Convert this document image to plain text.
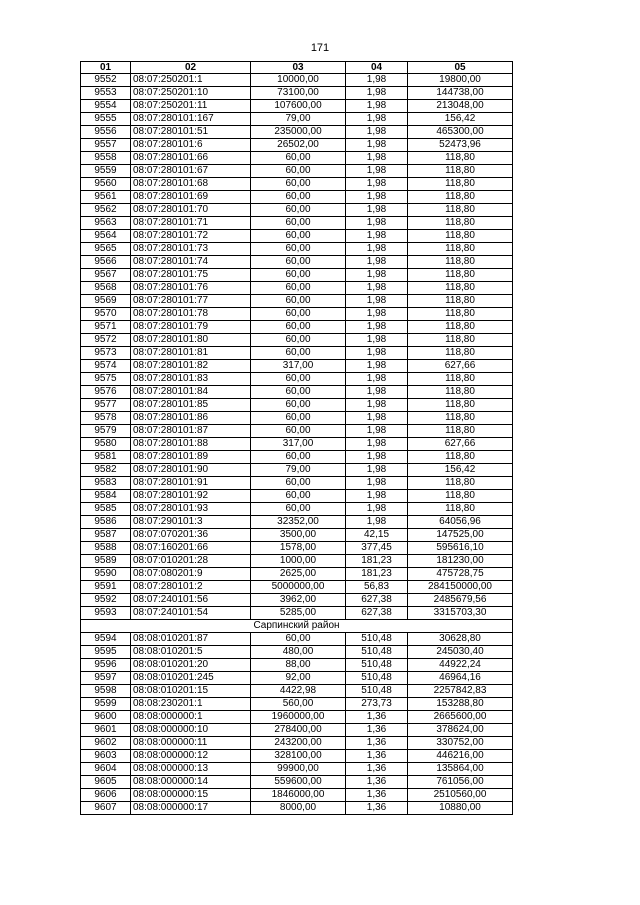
171
01	02	03	04	05
9552	08:07:250201:1	10000,00	1,98	19800,00
9553	08:07:250201:10	73100,00	1,98	144738,00
9554	08:07:250201:11	107600,00	1,98	213048,00
9555	08:07:280101:167	79,00	1,98	156,42
9556	08:07:280101:51	235000,00	1,98	465300,00
9557	08:07:280101:6	26502,00	1,98	52473,96
9558	08:07:280101:66	60,00	1,98	118,80
9559	08:07:280101:67	60,00	1,98	118,80
9560	08:07:280101:68	60,00	1,98	118,80
9561	08:07:280101:69	60,00	1,98	118,80
9562	08:07:280101:70	60,00	1,98	118,80
9563	08:07:280101:71	60,00	1,98	118,80
9564	08:07:280101:72	60,00	1,98	118,80
9565	08:07:280101:73	60,00	1,98	118,80
9566	08:07:280101:74	60,00	1,98	118,80
9567	08:07:280101:75	60,00	1,98	118,80
9568	08:07:280101:76	60,00	1,98	118,80
9569	08:07:280101:77	60,00	1,98	118,80
9570	08:07:280101:78	60,00	1,98	118,80
9571	08:07:280101:79	60,00	1,98	118,80
9572	08:07:280101:80	60,00	1,98	118,80
9573	08:07:280101:81	60,00	1,98	118,80
9574	08:07:280101:82	317,00	1,98	627,66
9575	08:07:280101:83	60,00	1,98	118,80
9576	08:07:280101:84	60,00	1,98	118,80
9577	08:07:280101:85	60,00	1,98	118,80
9578	08:07:280101:86	60,00	1,98	118,80
9579	08:07:280101:87	60,00	1,98	118,80
9580	08:07:280101:88	317,00	1,98	627,66
9581	08:07:280101:89	60,00	1,98	118,80
9582	08:07:280101:90	79,00	1,98	156,42
9583	08:07:280101:91	60,00	1,98	118,80
9584	08:07:280101:92	60,00	1,98	118,80
9585	08:07:280101:93	60,00	1,98	118,80
9586	08:07:290101:3	32352,00	1,98	64056,96
9587	08:07:070201:36	3500,00	42,15	147525,00
9588	08:07:160201:66	1578,00	377,45	595616,10
9589	08:07:010201:28	1000,00	181,23	181230,00
9590	08:07:080201:9	2625,00	181,23	475728,75
9591	08:07:280101:2	5000000,00	56,83	284150000,00
9592	08:07:240101:56	3962,00	627,38	2485679,56
9593	08:07:240101:54	5285,00	627,38	3315703,30
Сарпинский район				
9594	08:08:010201:87	60,00	510,48	30628,80
9595	08:08:010201:5	480,00	510,48	245030,40
9596	08:08:010201:20	88,00	510,48	44922,24
9597	08:08:010201:245	92,00	510,48	46964,16
9598	08:08:010201:15	4422,98	510,48	2257842,83
9599	08:08:230201:1	560,00	273,73	153288,80
9600	08:08:000000:1	1960000,00	1,36	2665600,00
9601	08:08:000000:10	278400,00	1,36	378624,00
9602	08:08:000000:11	243200,00	1,36	330752,00
9603	08:08:000000:12	328100,00	1,36	446216,00
9604	08:08:000000:13	99900,00	1,36	135864,00
9605	08:08:000000:14	559600,00	1,36	761056,00
9606	08:08:000000:15	1846000,00	1,36	2510560,00
9607	08:08:000000:17	8000,00	1,36	10880,00
